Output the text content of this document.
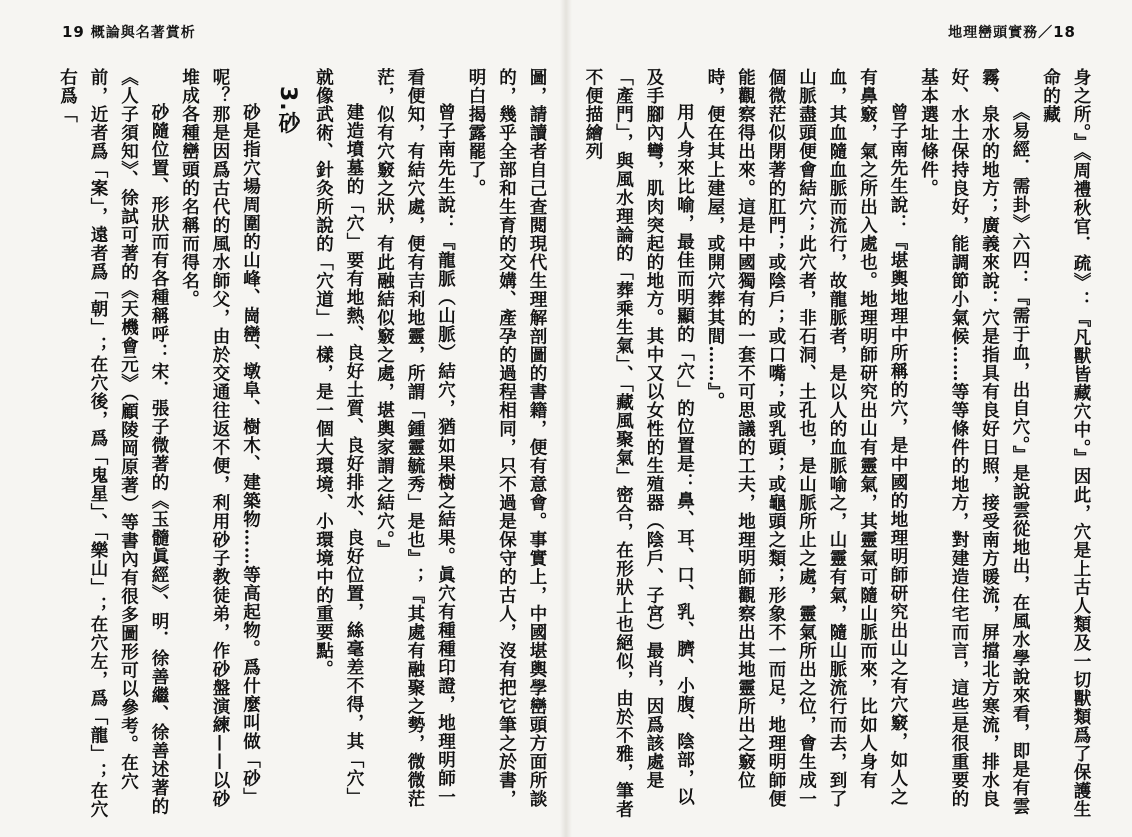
地理巒頭實務／18

身之所。』《周禮秋官．疏》：『凡獸皆藏穴中。』因此，穴是上古人類及一切獸類爲了保護生命的藏

《易經．需卦》六四：『需于血，出自穴。』是說雲從地出，在風水學說來看，即是有雲霧、泉水的地方；廣義來說：穴是指具有良好日照，接受南方暖流，屏擋北方寒流，排水良好、水土保持良好，能調節小氣候……等等條件的地方，對建造住宅而言，這些是很重要的基本選址條件。

曾子南先生說：『堪輿地理中所稱的穴，是中國的地理明師研究出山之有穴竅，如人之有鼻竅，氣之所出入處也。地理明師研究出山有靈氣，其靈氣可隨山脈而來，比如人身有血，其血隨血脈而流行，故龍脈者，是以人的血脈喻之，山靈有氣，隨山脈流行而去，到了山脈盡頭便會結穴；此穴者，非石洞、土孔也，是山脈所止之處，靈氣所出之位，會生成一個微茫似閉著的肛門；或陰戶；或口嘴；或乳頭；或龜頭之類；形象不一而足，地理明師便能觀察得出來。這是中國獨有的一套不可思議的工夫，地理明師觀察出其地靈所出之竅位時，便在其上建屋，或開穴葬其間……』。

用人身來比喻，最佳而明顯的「穴」的位置是：鼻、耳、口、乳、臍、小腹、陰部，以及手腳內彎，肌肉突起的地方。其中又以女性的生殖器（陰戶、子宮）最肖，因爲該處是「產門」，與風水理論的「葬乘生氣」、「藏風聚氣」密合，在形狀上也絕似，由於不雅，筆者不便描繪列

19 概論與名著賞析

圖，請讀者自己查閱現代生理解剖圖的書籍，便有意會。事實上，中國堪輿學巒頭方面所談的，幾乎全部和生育的交媾、產孕的過程相同，只不過是保守的古人，沒有把它筆之於書，明白揭露罷了。

曾子南先生說：『龍脈（山脈）結穴，猶如果樹之結果。眞穴有種種印證，地理明師一看便知，有結穴處，便有吉利地靈，所謂「鍾靈毓秀」是也』；『其處有融聚之勢，微微茫茫，似有穴竅之狀，有此融結似竅之處，堪輿家謂之結穴。』

建造墳墓的「穴」要有地熱、良好土質、良好排水、良好位置，絲毫差不得，其「穴」就像武術、針灸所說的「穴道」一樣，是一個大環境、小環境中的重要點。

3.砂

砂是指穴場周圍的山峰、崗巒、墩阜、樹木、建築物……等高起物。爲什麼叫做「砂」呢？那是因爲古代的風水師父，由於交通往返不便，利用砂子教徒弟，作砂盤演練——以砂堆成各種巒頭的名稱而得名。

砂隨位置、形狀而有各種稱呼：宋．張子微著的《玉髓眞經》、明．徐善繼、徐善述著的《人子須知》、徐試可著的《天機會元》（顧陵岡原著）等書內有很多圖形可以參考。在穴前，近者爲「案」，遠者爲「朝」；在穴後，爲「鬼星」、「樂山」；在穴左，爲「龍」；在穴右爲「
